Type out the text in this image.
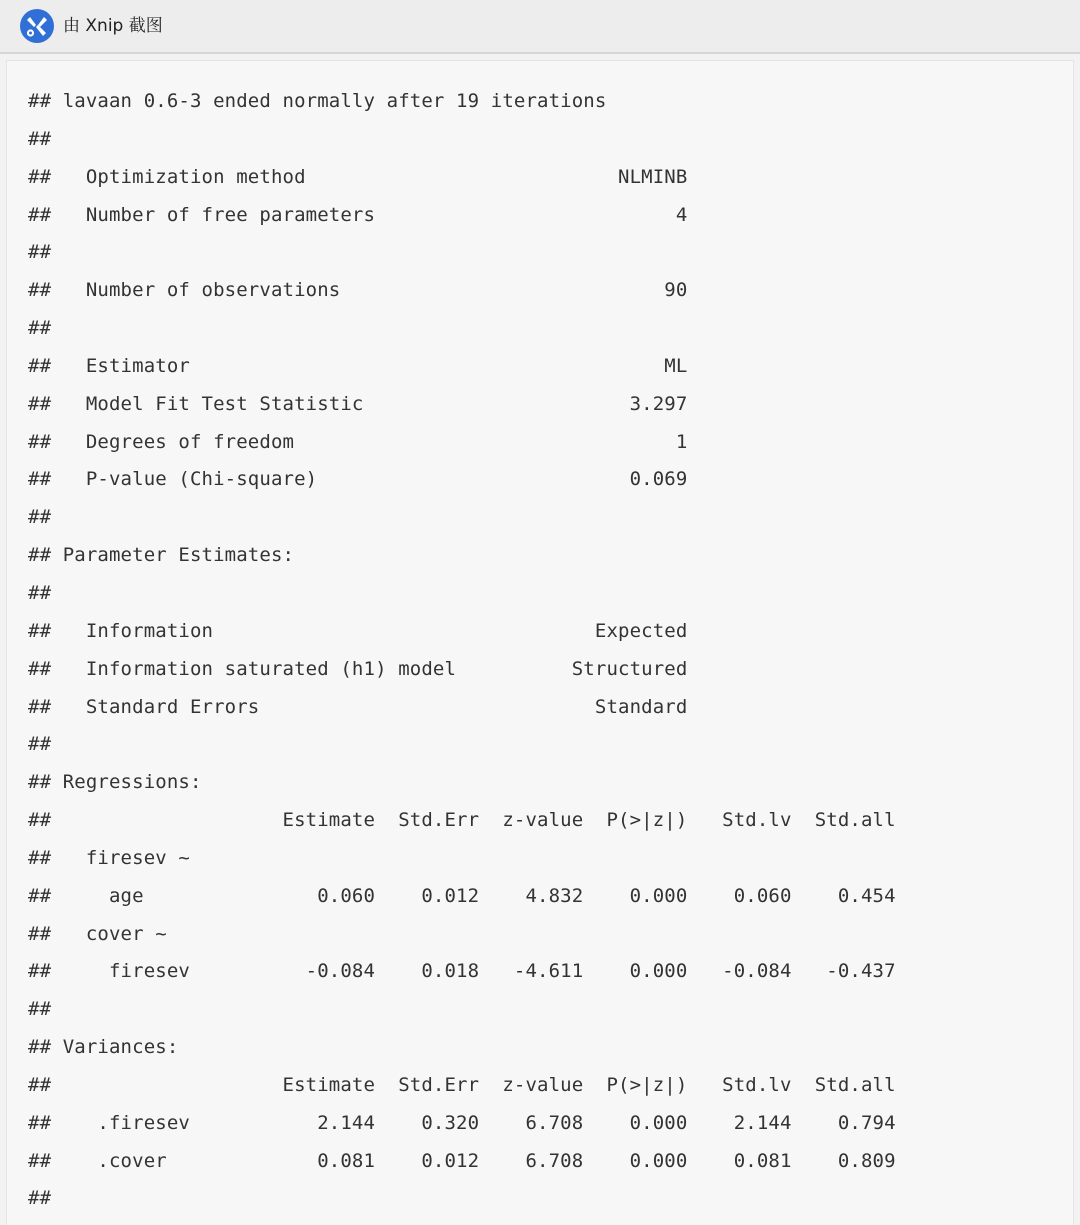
由 Xnip 截图
## lavaan 0.6-3 ended normally after 19 iterations
##
##   Optimization method                           NLMINB
##   Number of free parameters                          4
##
##   Number of observations                            90
##
##   Estimator                                         ML
##   Model Fit Test Statistic                       3.297
##   Degrees of freedom                                 1
##   P-value (Chi-square)                           0.069
##
## Parameter Estimates:
##
##   Information                                 Expected
##   Information saturated (h1) model          Structured
##   Standard Errors                             Standard
##
## Regressions:
##                    Estimate  Std.Err  z-value  P(>|z|)   Std.lv  Std.all
##   firesev ~
##     age               0.060    0.012    4.832    0.000    0.060    0.454
##   cover ~
##     firesev          -0.084    0.018   -4.611    0.000   -0.084   -0.437
##
## Variances:
##                    Estimate  Std.Err  z-value  P(>|z|)   Std.lv  Std.all
##    .firesev           2.144    0.320    6.708    0.000    2.144    0.794
##    .cover             0.081    0.012    6.708    0.000    0.081    0.809
##
